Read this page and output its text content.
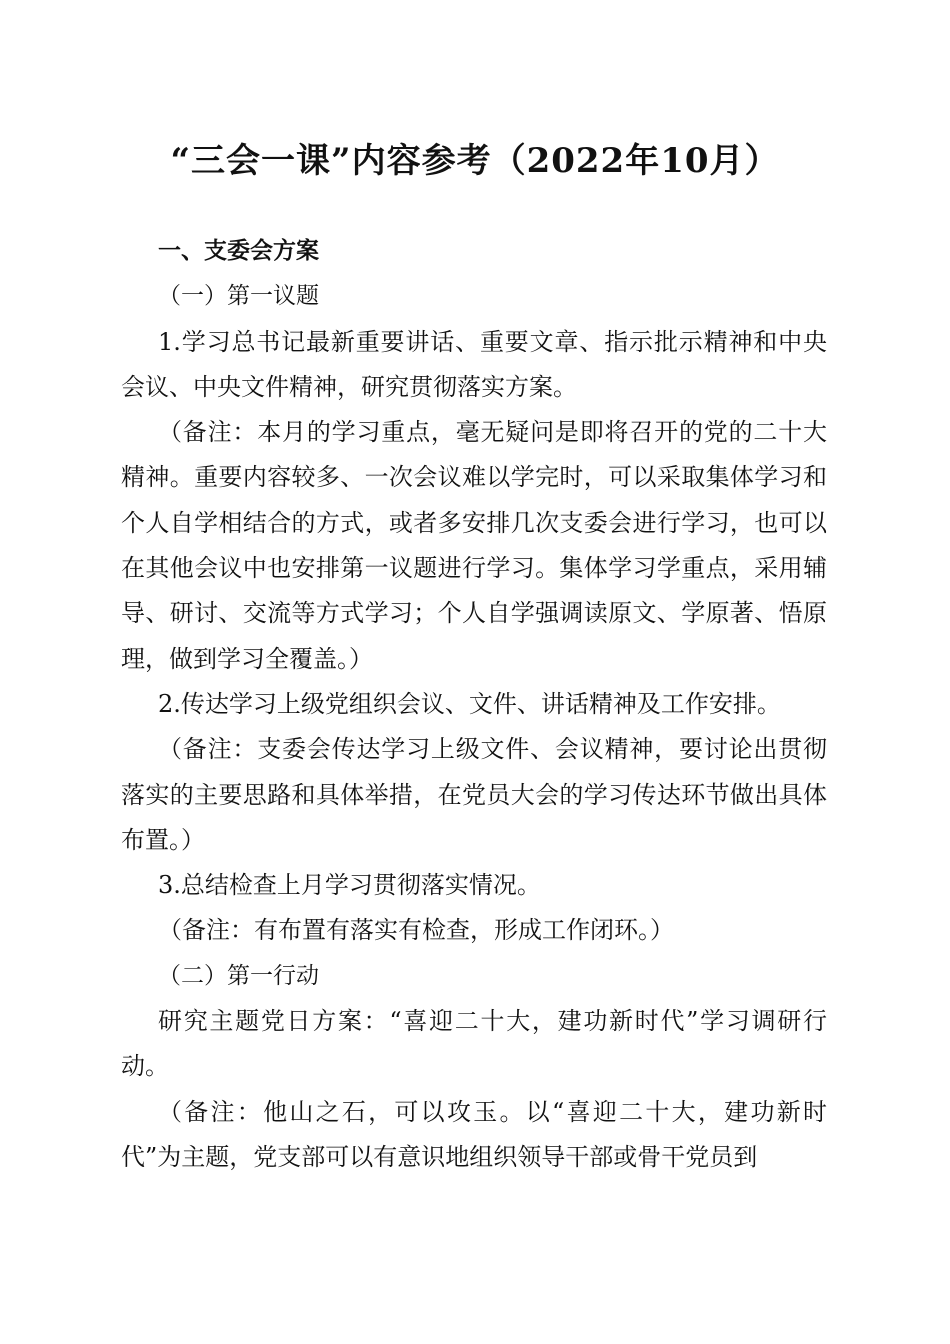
“三会一课”内容参考（2022年10月）

一、支委会方案

（一）第一议题

1.学习总书记最新重要讲话、重要文章、指示批示精神和中央会议、中央文件精神，研究贯彻落实方案。

（备注：本月的学习重点，毫无疑问是即将召开的党的二十大精神。重要内容较多、一次会议难以学完时，可以采取集体学习和个人自学相结合的方式，或者多安排几次支委会进行学习，也可以在其他会议中也安排第一议题进行学习。集体学习学重点，采用辅导、研讨、交流等方式学习；个人自学强调读原文、学原著、悟原理，做到学习全覆盖。）

2.传达学习上级党组织会议、文件、讲话精神及工作安排。

（备注：支委会传达学习上级文件、会议精神，要讨论出贯彻落实的主要思路和具体举措，在党员大会的学习传达环节做出具体布置。）

3.总结检查上月学习贯彻落实情况。

（备注：有布置有落实有检查，形成工作闭环。）

（二）第一行动

研究主题党日方案：“喜迎二十大，建功新时代”学习调研行动。

（备注：他山之石，可以攻玉。以“喜迎二十大，建功新时代”为主题，党支部可以有意识地组织领导干部或骨干党员到
